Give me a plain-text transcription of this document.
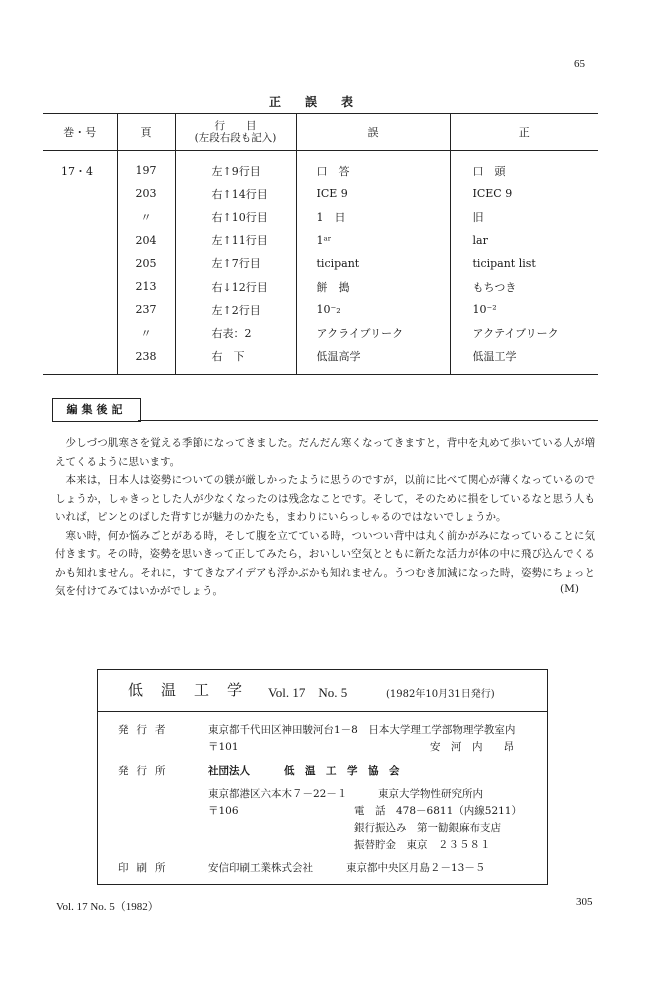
65
正誤表
巻・号	頁	行　　目
(左段右段も記入)	誤	正
17・4	197	左↑9行目	口　答	口　頭
	203	右↑14行目	ICE 9	ICEC 9
	〃	右↑10行目	1　日	旧
	204	左↑11行目	1ᵃʳ	lar
	205	左↑7行目	ticipant	ticipant list
	213	右↓12行目	餅　搗	もちつき
	237	左↑2行目	10⁻₂	10⁻²
	〃	右表：2	アクライブリーク	アクテイブリーク
	238	右　下	低温高学	低温工学
編集後記

少しづつ肌寒さを覚える季節になってきました。だんだん寒くなってきますと，背中を丸めて歩いている人が増えてくるように思います。

本来は，日本人は姿勢についての躾が厳しかったように思うのですが，以前に比べて関心が薄くなっているのでしょうか，しゃきっとした人が少なくなったのは残念なことです。そして，そのために損をしているなと思う人もいれば，ピンとのばした背すじが魅力のかたも，まわりにいらっしゃるのではないでしょうか。

寒い時，何か悩みごとがある時，そして腹を立てている時，ついつい背中は丸く前かがみになっていることに気付きます。その時，姿勢を思いきって正してみたら，おいしい空気とともに新たな活力が体の中に飛び込んでくるかも知れません。それに，すてきなアイデアも浮かぶかも知れません。うつむき加減になった時，姿勢にちょっと気を付けてみてはいかがでしょう。	(M)
低温工学 Vol. 17　No. 5	(1982年10月31日発行)
発行者	東京都千代田区神田駿河台1－8　日本大学理工学部物理学教室内
〒101	安　河　内　　昂
発行所	社団法人	低　温　工　学　協　会
東京都港区六本木７－22－１	東京大学物性研究所内
〒106	電　話　478－6811（内線5211）
銀行振込み　第一勧銀麻布支店
振替貯金　東京　２３５８１
印刷所	安信印刷工業株式会社	東京都中央区月島２－13－５
Vol. 17 No. 5（1982）	305
